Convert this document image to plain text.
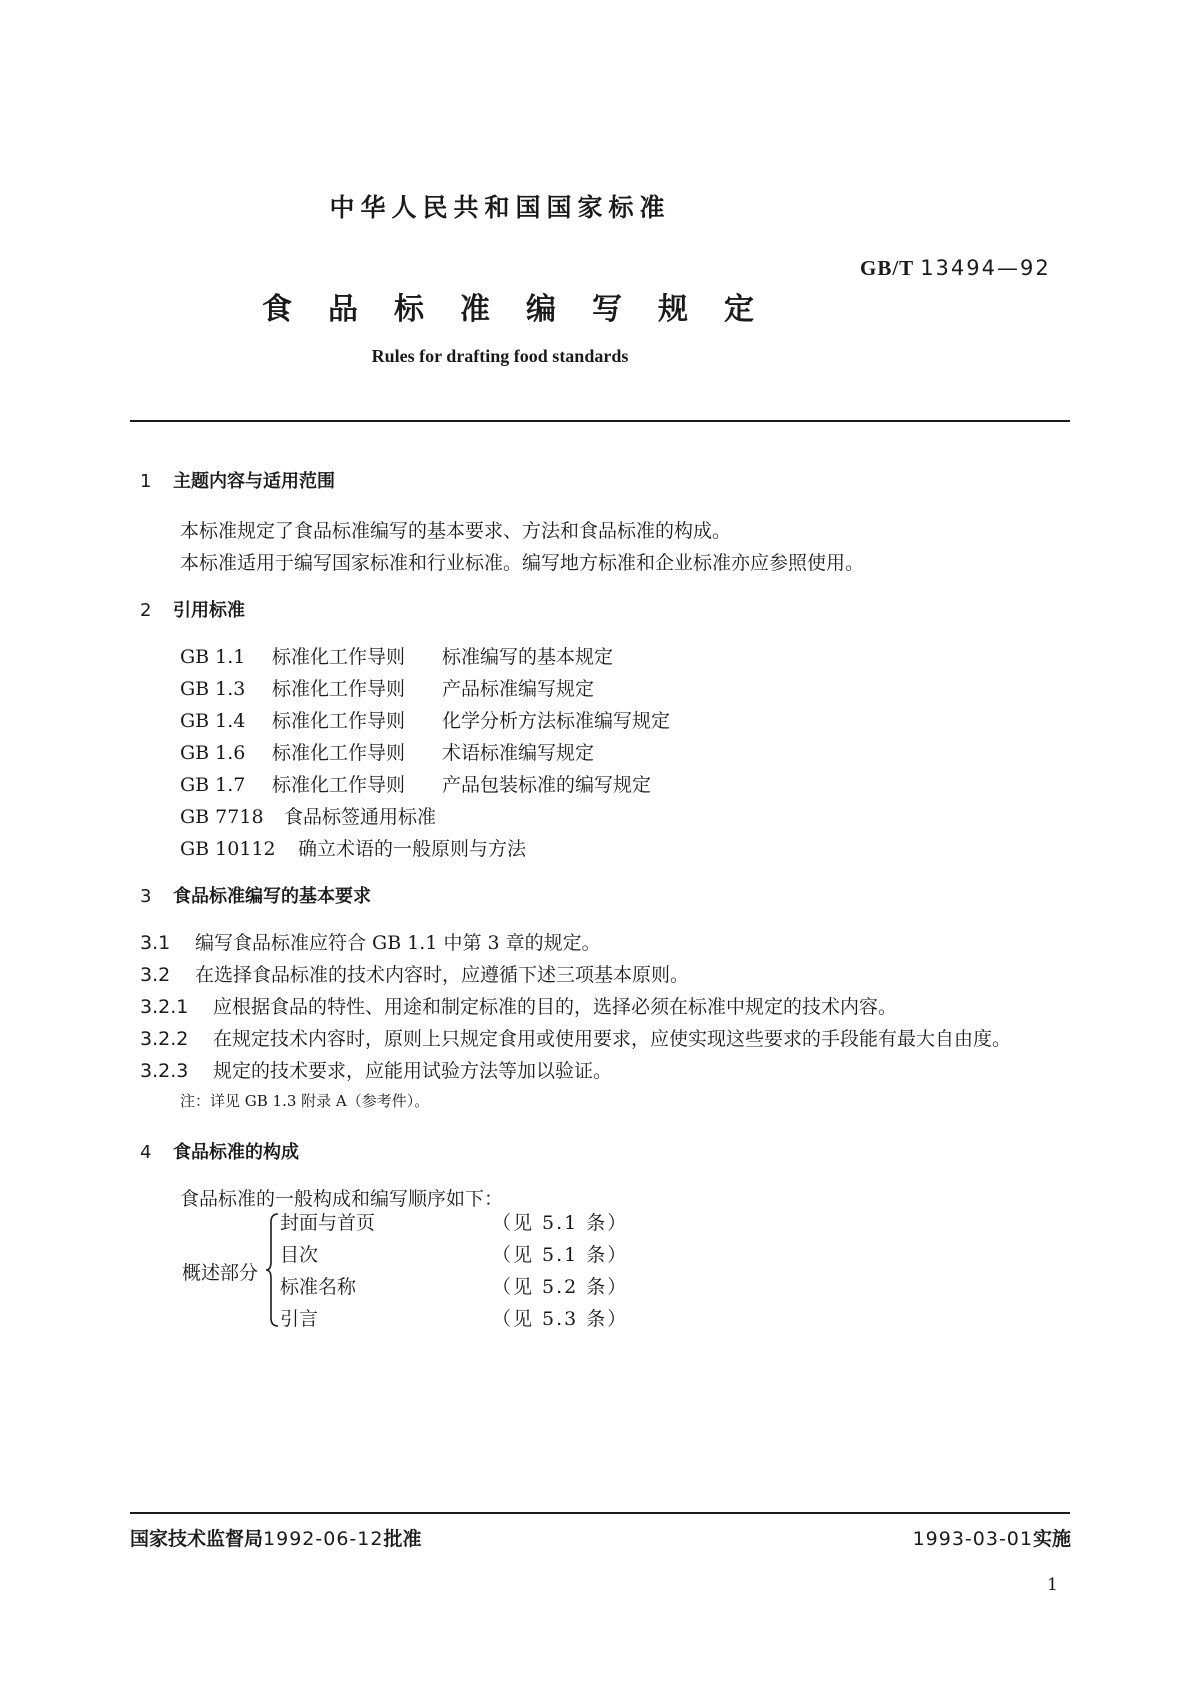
中华人民共和国国家标准
GB/T 13494—92
食品标准编写规定
Rules for drafting food standards
1 主题内容与适用范围
本标准规定了食品标准编写的基本要求、方法和食品标准的构成。
本标准适用于编写国家标准和行业标准。编写地方标准和企业标准亦应参照使用。
2 引用标准
GB 1.1 标准化工作导则 标准编写的基本规定
GB 1.3 标准化工作导则 产品标准编写规定
GB 1.4 标准化工作导则 化学分析方法标准编写规定
GB 1.6 标准化工作导则 术语标准编写规定
GB 1.7 标准化工作导则 产品包装标准的编写规定
GB 7718 食品标签通用标准
GB 10112 确立术语的一般原则与方法
3 食品标准编写的基本要求
3.1 编写食品标准应符合 GB 1.1 中第 3 章的规定。
3.2 在选择食品标准的技术内容时，应遵循下述三项基本原则。
3.2.1 应根据食品的特性、用途和制定标准的目的，选择必须在标准中规定的技术内容。
3.2.2 在规定技术内容时，原则上只规定食用或使用要求，应使实现这些要求的手段能有最大自由度。
3.2.3 规定的技术要求，应能用试验方法等加以验证。
注：详见 GB 1.3 附录 A（参考件）。
4 食品标准的构成
食品标准的一般构成和编写顺序如下：
概述部分
封面与首页	（见 5.1 条）
目次	（见 5.1 条）
标准名称	（见 5.2 条）
引言	（见 5.3 条）
国家技术监督局1992-06-12批准	1993-03-01实施
1
